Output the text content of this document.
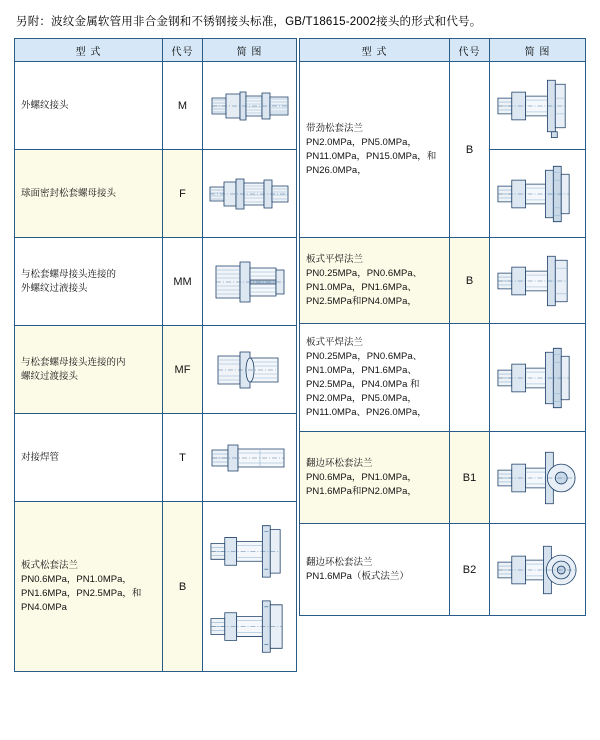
另附：波纹金属软管用非合金钢和不锈钢接头标准，GB/T18615-2002接头的形式和代号。
型 式	代号	简 图

外螺纹接头	M	

球面密封松套螺母接头	F	

与松套螺母接头连接的
外螺纹过液接头	MM	

与松套螺母接头连接的内
螺纹过渡接头	MF	

对接焊管	T	

板式松套法兰
PN0.6MPa，PN1.0MPa，PN1.6MPa，PN2.5MPa，和PN4.0MPa	B	
型 式	代号	简 图

带劲松套法兰
PN2.0MPa，PN5.0MPa，PN11.0MPa，PN15.0MPa，和PN26.0MPa，	B	

板式平焊法兰
PN0.25MPa，PN0.6MPa、PN1.0MPa，PN1.6MPa、PN2.5MPa和PN4.0MPa，	B	

板式平焊法兰
PN0.25MPa，PN0.6MPa、PN1.0MPa，PN1.6MPa、PN2.5MPa，PN4.0MPa 和PN2.0MPa，PN5.0MPa，PN11.0MPa、PN26.0MPa，

翻边环松套法兰
PN0.6MPa，PN1.0MPa，PN1.6MPa和PN2.0MPa，	B1	

翻边环松套法兰
PN1.6MPa（板式法兰）	B2	
